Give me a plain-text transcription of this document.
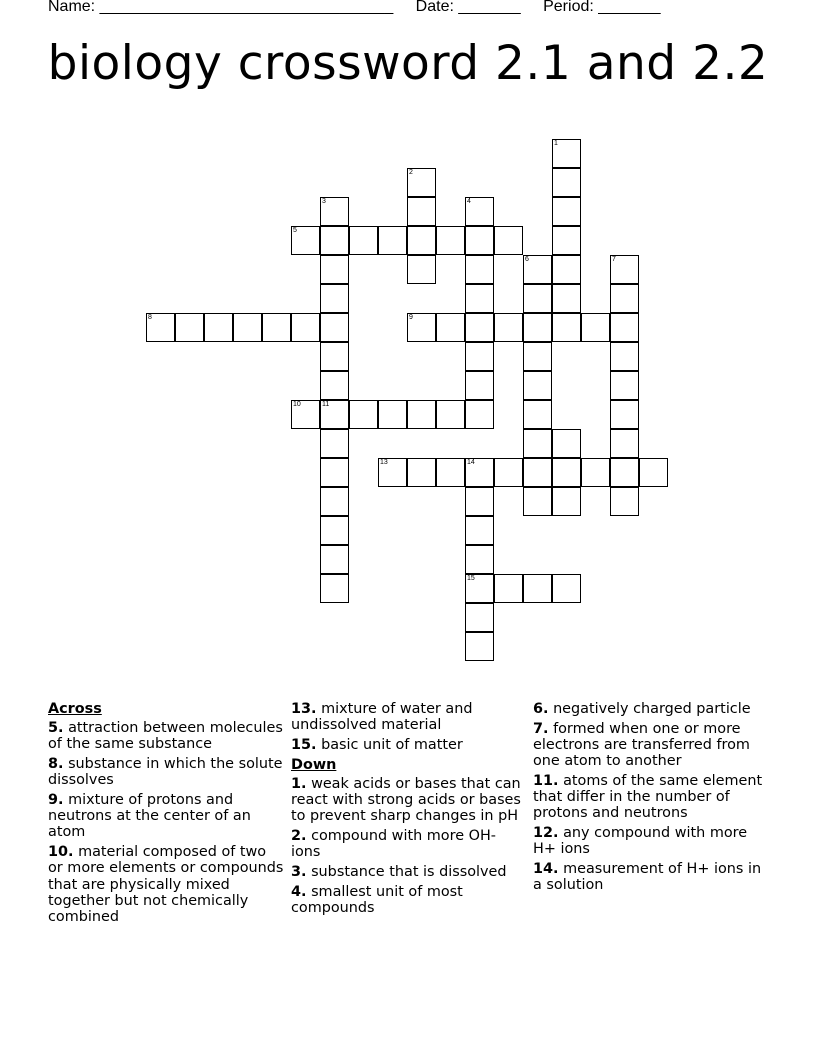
Name: _________________________________ Date: _______ Period: _______
biology crossword 2.1 and 2.2
1
2
3	4
5
6	7
8	9
10	11
13	14
15
Across
5. attraction between molecules of the same substance
8. substance in which the solute dissolves
9. mixture of protons and neutrons at the center of an atom
10. material composed of two or more elements or compounds that are physically mixed together but not chemically combined
13. mixture of water and undissolved material
15. basic unit of matter
Down
1. weak acids or bases that can react with strong acids or bases to prevent sharp changes in pH
2. compound with more OH- ions
3. substance that is dissolved
4. smallest unit of most compounds
6. negatively charged particle
7. formed when one or more electrons are transferred from one atom to another
11. atoms of the same element that differ in the number of protons and neutrons
12. any compound with more H+ ions
14. measurement of H+ ions in a solution
